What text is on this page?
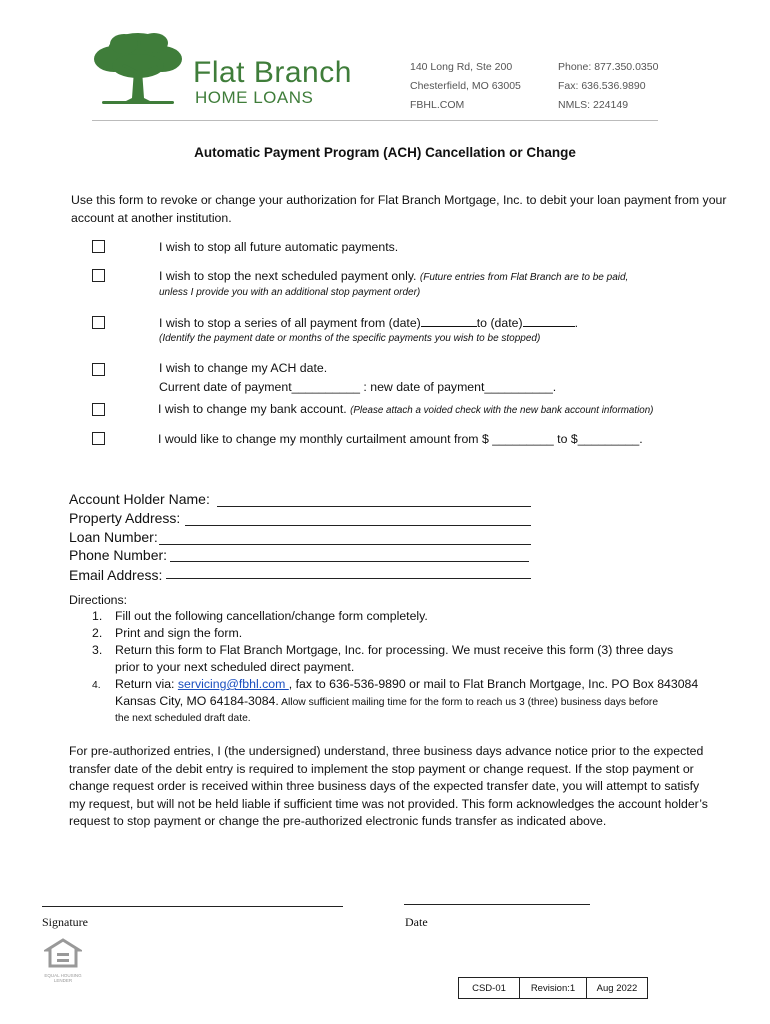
Flat Branch
HOME LOANS
140 Long Rd, Ste 200
Chesterfield, MO 63005
FBHL.COM
Phone: 877.350.0350
Fax: 636.536.9890
NMLS: 224149
Automatic Payment Program (ACH) Cancellation or Change
Use this form to revoke or change your authorization for Flat Branch Mortgage, Inc. to debit your loan payment from your account at another institution.
I wish to stop all future automatic payments.
I wish to stop the next scheduled payment only. (Future entries from Flat Branch are to be paid,
unless I provide you with an additional stop payment order)
I wish to stop a series of all payment from (date)	to (date)	.
(Identify the payment date or months of the specific payments you wish to be stopped)
I wish to change my ACH date.
Current date of payment__________ : new date of payment__________.
I wish to change my bank account. (Please attach a voided check with the new bank account information)
I would like to change my monthly curtailment amount from $ _________ to $_________.
Account Holder Name:
Property Address:
Loan Number:
Phone Number:
Email Address:
Directions:
1. Fill out the following cancellation/change form completely.
2. Print and sign the form.
3. Return this form to Flat Branch Mortgage, Inc. for processing. We must receive this form (3) three days
prior to your next scheduled direct payment.
4. Return via: servicing@fbhl.com , fax to 636-536-9890 or mail to Flat Branch Mortgage, Inc. PO Box 843084
Kansas City, MO 64184-3084. Allow sufficient mailing time for the form to reach us 3 (three) business days before
the next scheduled draft date.
For pre-authorized entries, I (the undersigned) understand, three business days advance notice prior to the expected transfer date of the debit entry is required to implement the stop payment or change request. If the stop payment or change request order is received within three business days of the expected transfer date, you will attempt to satisfy my request, but will not be held liable if sufficient time was not provided. This form acknowledges the account holder’s request to stop payment or change the pre-authorized electronic funds transfer as indicated above.
Signature	Date
EQUAL HOUSING LENDER
CSD-01	Revision:1	Aug 2022
